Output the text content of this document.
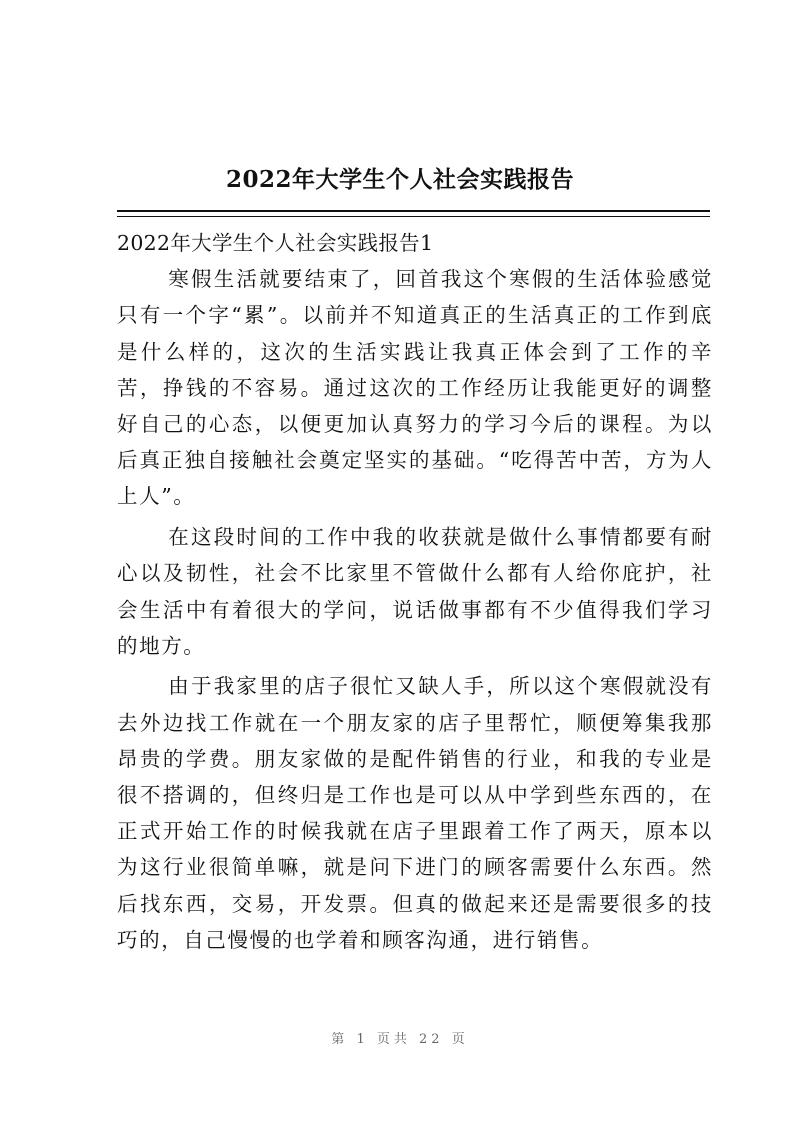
2022年大学生个人社会实践报告

2022年大学生个人社会实践报告1

寒假生活就要结束了，回首我这个寒假的生活体验感觉只有一个字“累”。以前并不知道真正的生活真正的工作到底是什么样的，这次的生活实践让我真正体会到了工作的辛苦，挣钱的不容易。通过这次的工作经历让我能更好的调整好自己的心态，以便更加认真努力的学习今后的课程。为以后真正独自接触社会奠定坚实的基础。“吃得苦中苦，方为人上人”。

在这段时间的工作中我的收获就是做什么事情都要有耐心以及韧性，社会不比家里不管做什么都有人给你庇护，社会生活中有着很大的学问，说话做事都有不少值得我们学习的地方。

由于我家里的店子很忙又缺人手，所以这个寒假就没有去外边找工作就在一个朋友家的店子里帮忙，顺便筹集我那昂贵的学费。朋友家做的是配件销售的行业，和我的专业是很不搭调的，但终归是工作也是可以从中学到些东西的，在正式开始工作的时候我就在店子里跟着工作了两天，原本以为这行业很简单嘛，就是问下进门的顾客需要什么东西。然后找东西，交易，开发票。但真的做起来还是需要很多的技巧的，自己慢慢的也学着和顾客沟通，进行销售。

第 1 页共 22 页
